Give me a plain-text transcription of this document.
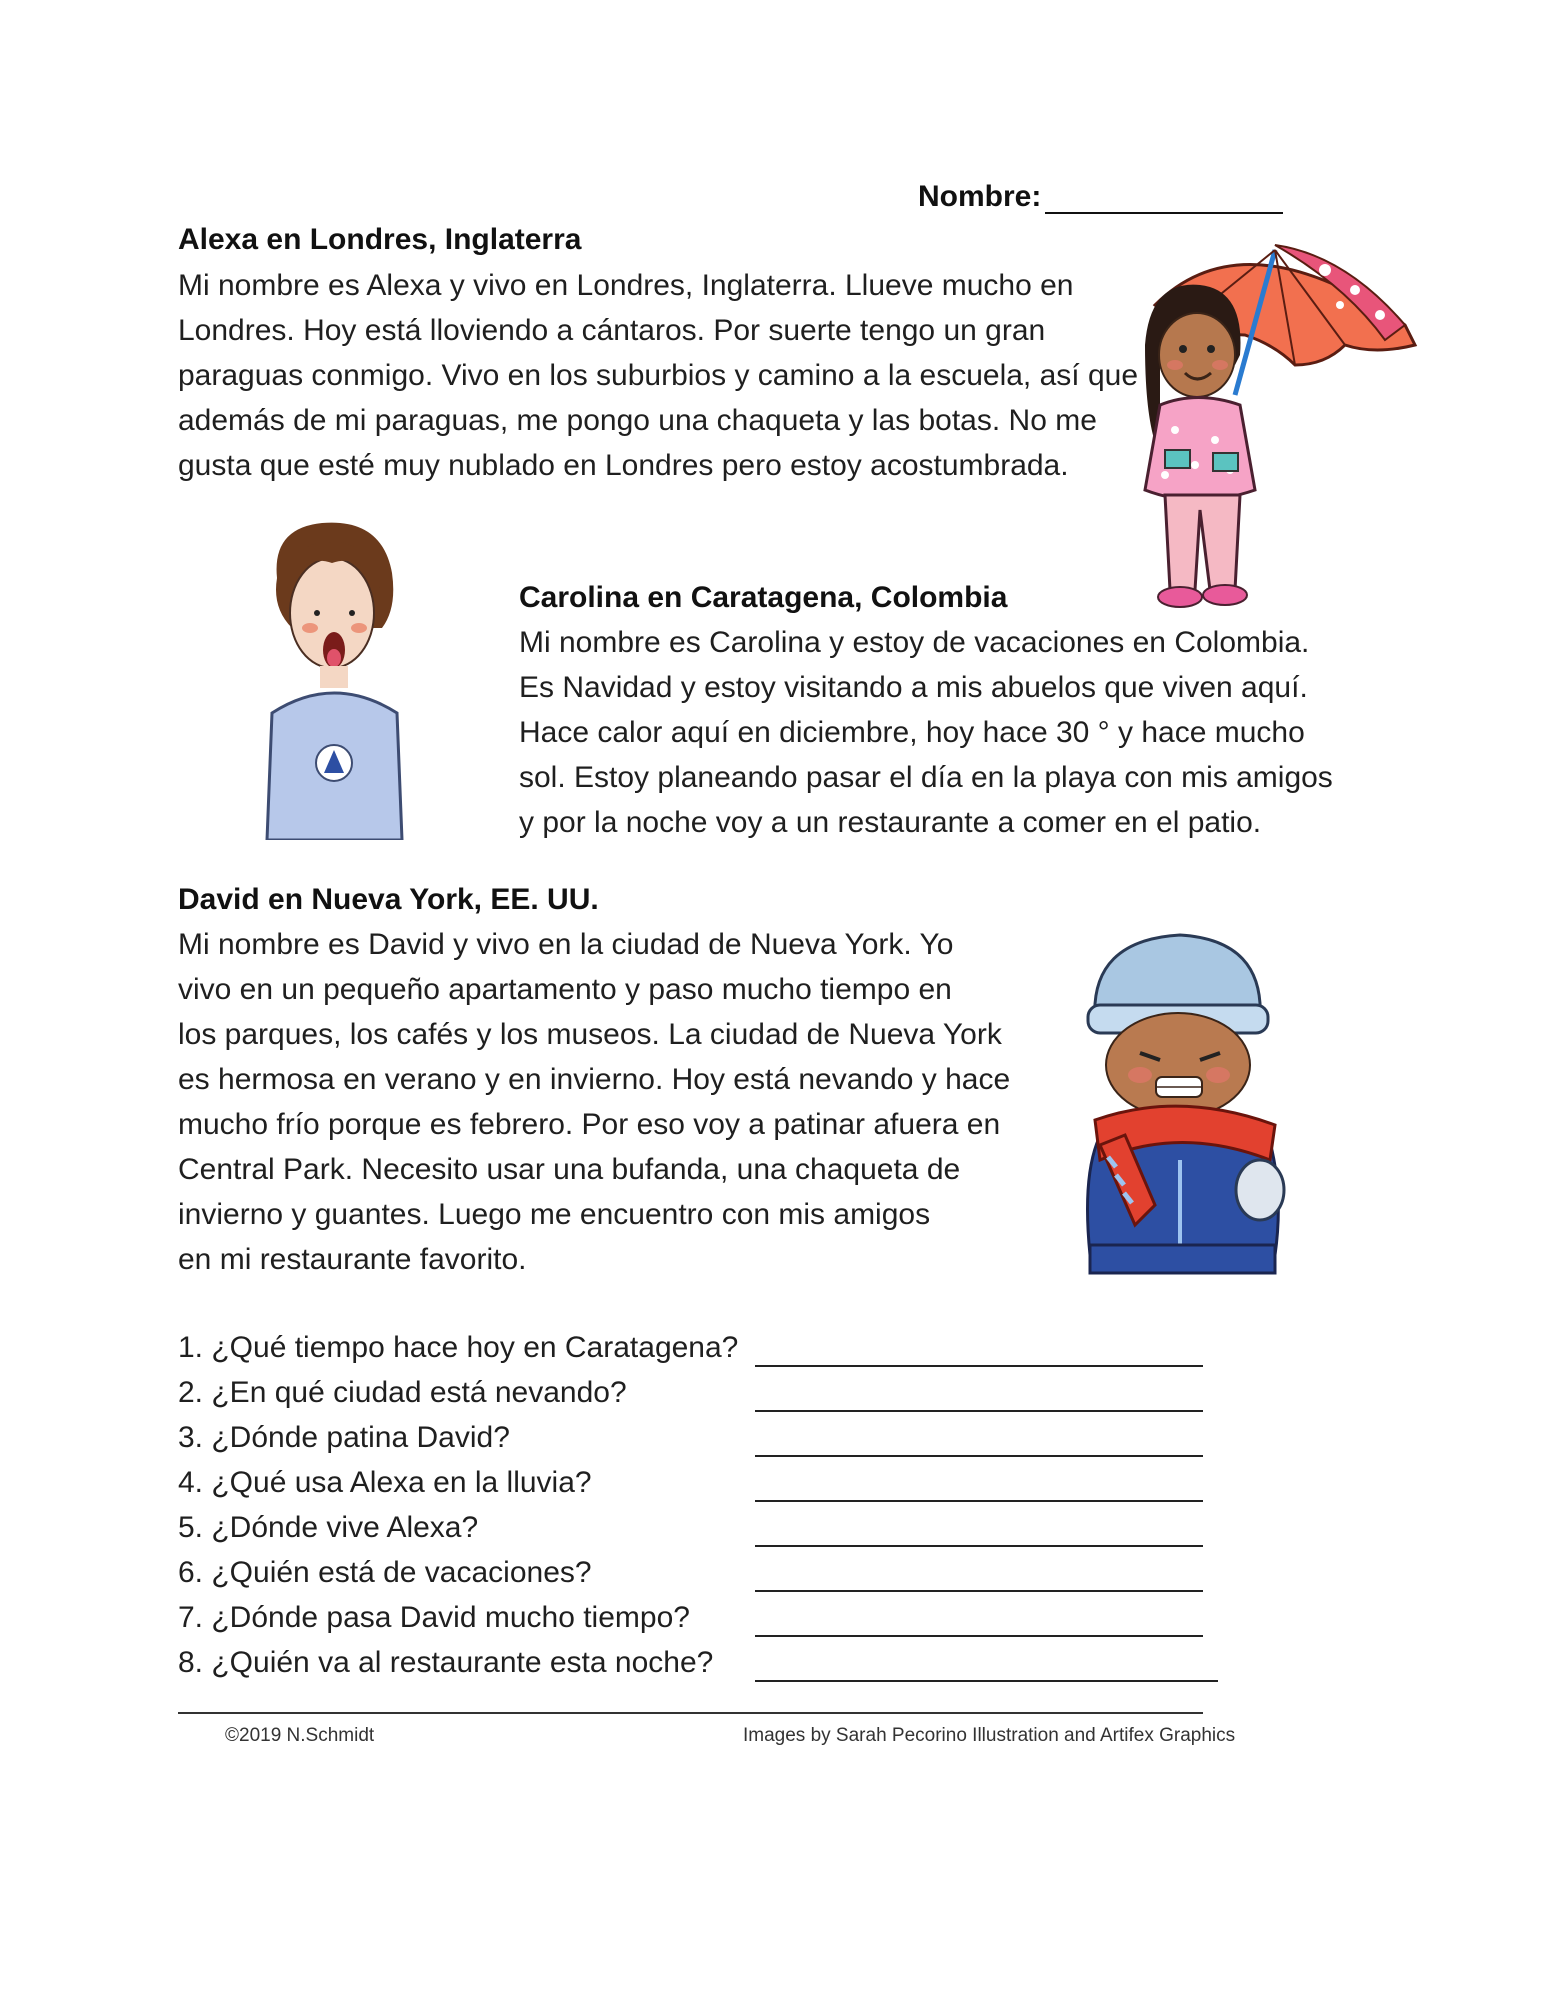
Nombre:
Alexa en Londres, Inglaterra
Mi nombre es Alexa y vivo en Londres, Inglaterra. Llueve mucho en
Londres. Hoy está lloviendo a cántaros. Por suerte tengo un gran
paraguas conmigo. Vivo en los suburbios y camino a la escuela, así que
además de mi paraguas, me pongo una chaqueta y las botas. No me
gusta que esté muy nublado en Londres pero estoy acostumbrada.
Carolina en Caratagena, Colombia
Mi nombre es Carolina y estoy de vacaciones en Colombia.
Es Navidad y estoy visitando a mis abuelos que viven aquí.
Hace calor aquí en diciembre, hoy hace 30 ° y hace mucho
sol. Estoy planeando pasar el día en la playa con mis amigos
y por la noche voy a un restaurante a comer en el patio.
David en Nueva York, EE. UU.
Mi nombre es David y vivo en la ciudad de Nueva York. Yo
vivo en un pequeño apartamento y paso mucho tiempo en
los parques, los cafés y los museos. La ciudad de Nueva York
es hermosa en verano y en invierno. Hoy está nevando y hace
mucho frío porque es febrero. Por eso voy a patinar afuera en
Central Park. Necesito usar una bufanda, una chaqueta de
invierno y guantes. Luego me encuentro con mis amigos
en mi restaurante favorito.
1. ¿Qué tiempo hace hoy en Caratagena?
2. ¿En qué ciudad está nevando?
3. ¿Dónde patina David?
4. ¿Qué usa Alexa en la lluvia?
5. ¿Dónde vive Alexa?
6. ¿Quién está de vacaciones?
7. ¿Dónde pasa David mucho tiempo?
8. ¿Quién va al restaurante esta noche?
©2019 N.Schmidt	Images by Sarah Pecorino Illustration and Artifex Graphics
